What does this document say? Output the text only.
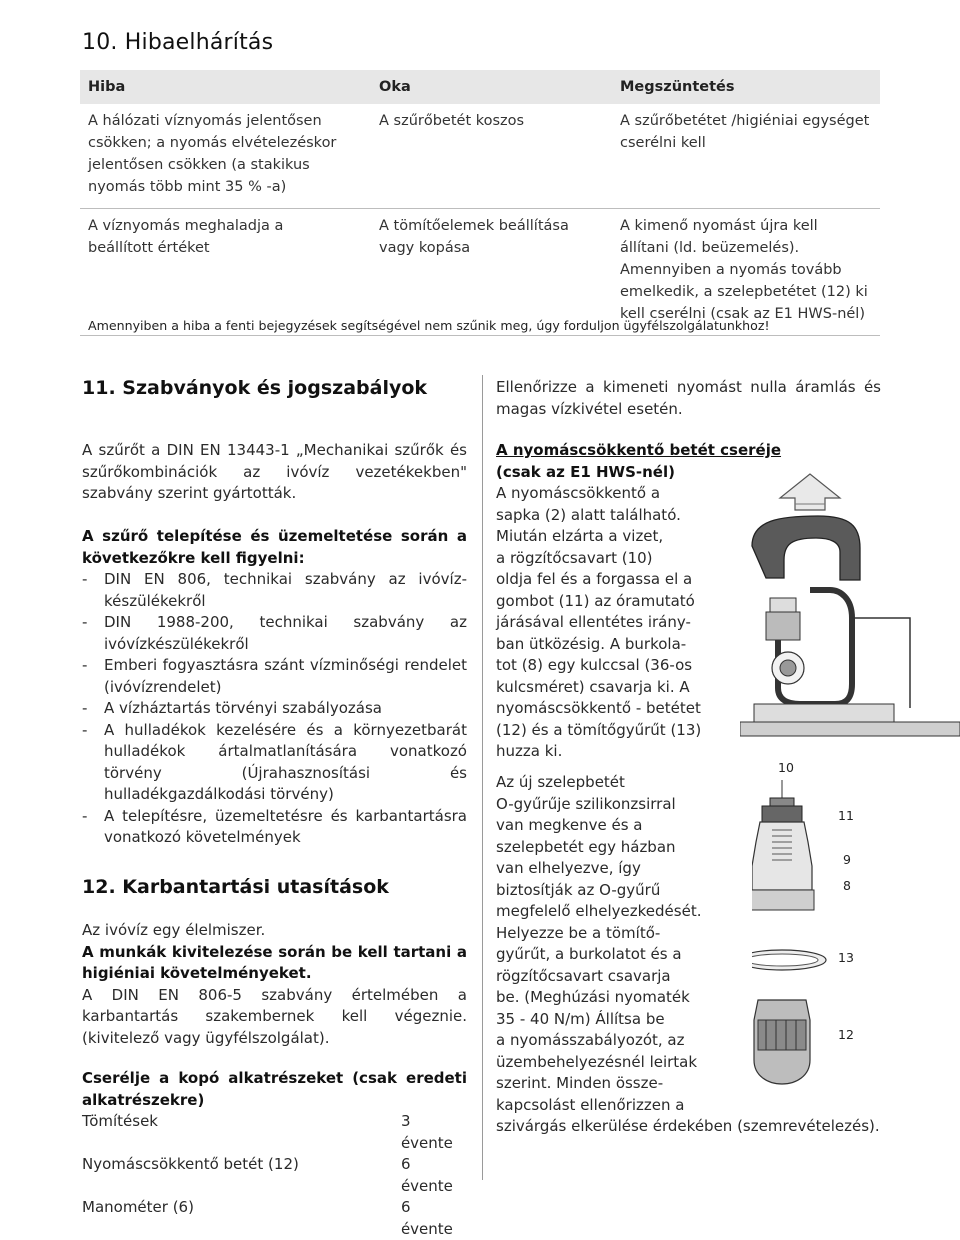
10. Hibaelhárítás
Hiba	Oka	Megszüntetés
A hálózati víznyomás jelentősen csökken; a nyomás elvételezéskor jelentősen csökken (a stakikus nyomás több mint 35 % -a)	A szűrőbetét koszos	A szűrőbetétet /higiéniai egységet cserélni kell
A víznyomás meghaladja a beállított értéket	A tömítőelemek beállítása vagy kopása	A kimenő nyomást újra kell állítani (ld. beüzemelés). Amennyiben a nyomás tovább emelkedik, a szelepbetétet (12) ki kell cserélni (csak az E1 HWS-nél)
Amennyiben a hiba a fenti bejegyzések segítségével nem szűnik meg, úgy forduljon ügyfélszolgálatunkhoz!
11. Szabványok és jogszabályok
A szűrőt a DIN EN 13443-1 „Mechanikai szűrők és szűrőkombinációk az ivóvíz vezetékekben" szabvány szerint gyártották.
A szűrő telepítése és üzemeltetése során a következőkre kell figyelni:
- DIN EN 806, technikai szabvány az ivóvíz-készülékekről
- DIN 1988-200, technikai szabvány az ivóvízkészülékekről
- Emberi fogyasztásra szánt vízminőségi rendelet (ivóvízrendelet)
- A vízháztartás törvényi szabályozása
- A hulladékok kezelésére és a környezetbarát hulladékok ártalmatlanítására vonatkozó törvény (Újrahasznosítási és hulladékgazdálkodási törvény)
- A telepítésre, üzemeltetésre és karbantartásra vonatkozó követelmények
12. Karbantartási utasítások
Az ivóvíz egy élelmiszer.
A munkák kivitelezése során be kell tartani a higiéniai követelményeket.
A DIN EN 806-5 szabvány értelmében a karbantartás szakembernek kell végeznie. (kivitelező vagy ügyfélszolgálat).
Cserélje a kopó alkatrészeket (csak eredeti alkatrészekre)
Tömítések	3 évente
Nyomáscsökkentő betét (12)	6 évente
Manométer (6)	6 évente
Ellenőrizze a kimeneti nyomást nulla áramlás és magas vízkivétel esetén.
A nyomáscsökkentő betét cseréje
(csak az E1 HWS-nél)
A nyomáscsökkentő a
sapka (2) alatt található.
Miután elzárta a vizet,
a rögzítőcsavart (10)
oldja fel és a forgassa el a
gombot (11) az óramutató
járásával ellentétes irány-
ban ütközésig. A burkola-
tot (8) egy kulccsal (36-os
kulcsméret) csavarja ki. A
nyomáscsökkentő - betétet
(12) és a tömítőgyűrűt (13)
huzza ki.
Az új szelepbetét
O-gyűrűje szilikonzsirral
van megkenve és a
szelepbetét egy házban
van elhelyezve, így
biztosítják az O-gyűrű
megfelelő elhelyezkedését.
Helyezze be a tömítő-
gyűrűt, a burkolatot és a
rögzítőcsavart csavarja
be. (Meghúzási nyomaték
35 - 40 N/m) Állítsa be
a nyomásszabályozót, az
üzembehelyezésnél leirtak
szerint. Minden össze-
kapcsolást ellenőrizzen a
szivárgás elkerülése érdekében (szemrevételezés).
10
11
9
8
13
12
